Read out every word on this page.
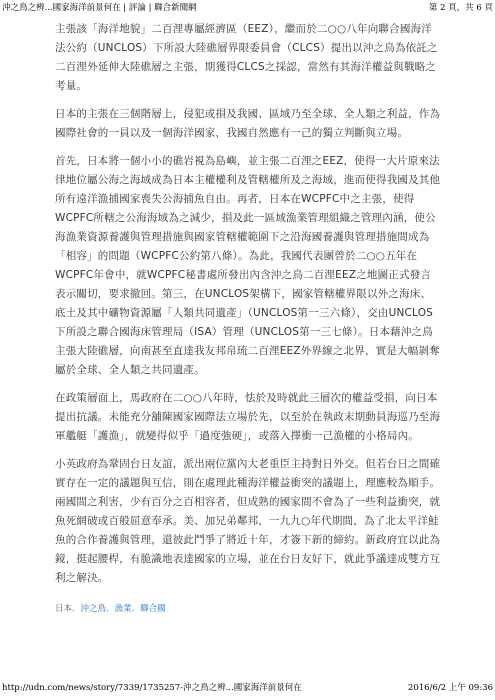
沖之鳥之辨...國家海洋前景何在 | 評論 | 聯合新聞網	第 2 頁，共 6 頁

主張該「海洋地貌」二百浬專屬經濟區（EEZ），繼而於二○○八年向聯合國海洋法公約（UNCLOS）下所設大陸礁層界限委員會（CLCS）提出以沖之鳥為依託之二百浬外延伸大陸礁層之主張，期獲得CLCS之採認，當然有其海洋權益與戰略之考量。

日本的主張在三個階層上，侵犯或損及我國、區域乃至全球、全人類之利益，作為國際社會的一員以及一個海洋國家，我國自然應有一己的獨立判斷與立場。

首先，日本將一個小小的礁岩視為島嶼，並主張二百浬之EEZ，使得一大片原來法律地位屬公海之海域成為日本主權權利及管轄權所及之海域，進而使得我國及其他所有遠洋漁捕國家喪失公海捕魚自由。再者，日本在WCPFC中之主張，使得WCPFC所轄之公海海域為之減少，損及此一區域漁業管理組織之管理內涵，使公海漁業資源養護與管理措施與國家管轄權範圍下之沿海國養護與管理措施間成為「相容」的問題（WCPFC公約第八條）。為此，我國代表團曾於二○○五年在WCPFC年會中，就WCPFC秘書處所發出內含沖之鳥二百浬EEZ之地圖正式發言表示關切，要求撤回。第三，在UNCLOS架構下，國家管轄權界限以外之海床、底土及其中礦物資源屬「人類共同遺產」（UNCLOS第一三六條），交由UNCLOS下所設之聯合國海床管理局（ISA）管理（UNCLOS第一三七條）。日本藉沖之鳥主張大陸礁層，向南甚至直達我友邦帛琉二百浬EEZ外界線之北界，實是大幅剝奪屬於全球、全人類之共同遺產。

在政策層面上，馬政府在二○○八年時，怯於及時就此三層次的權益受損，向日本提出抗議。未能充分舖陳國家國際法立場於先，以至於在執政末期動員海巡乃至海軍艦艇「護漁」，就變得似乎「過度強硬」，或落入擇衝一己漁權的小格局內。

小英政府為鞏固台日友誼，派出兩位黨內大老重臣主持對日外交。但若台日之間確實存在一定的議題與互信，則在處理此種海洋權益衝突的議題上，理應較為順手。兩國間之利害，少有百分之百相容者，但成熟的國家間不會為了一些利益衝突，就魚死網破或百般屈意奉承。美、加兄弟鄰邦，一九九○年代期間，為了北太平洋鮭魚的合作養護與管理，還彼此鬥爭了將近十年，才簽下新的締約。新政府宜以此為鏡，挺起腰桿，有脆識地表達國家的立場，並在台日友好下，就此爭議達成雙方互利之解決。

日本．沖之鳥．漁業．聯合國
http://udn.com/news/story/7339/1735257-沖之鳥之辨...國家海洋前景何在	2016/6/2 上午 09:36
